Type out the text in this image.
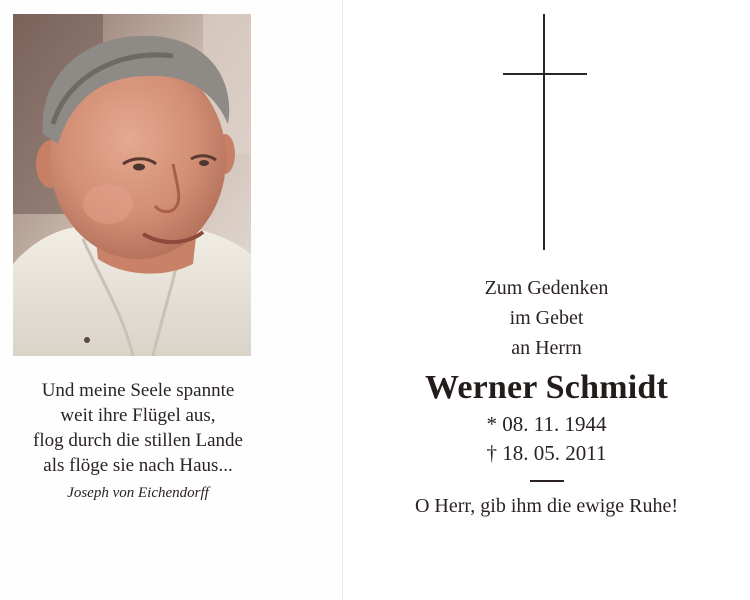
Und meine Seele spannte
weit ihre Flügel aus,
flog durch die stillen Lande
als flöge sie nach Haus...
Joseph von Eichendorff
Zum Gedenken
im Gebet
an Herrn
Werner Schmidt
* 08. 11. 1944
† 18. 05. 2011
O Herr, gib ihm die ewige Ruhe!
